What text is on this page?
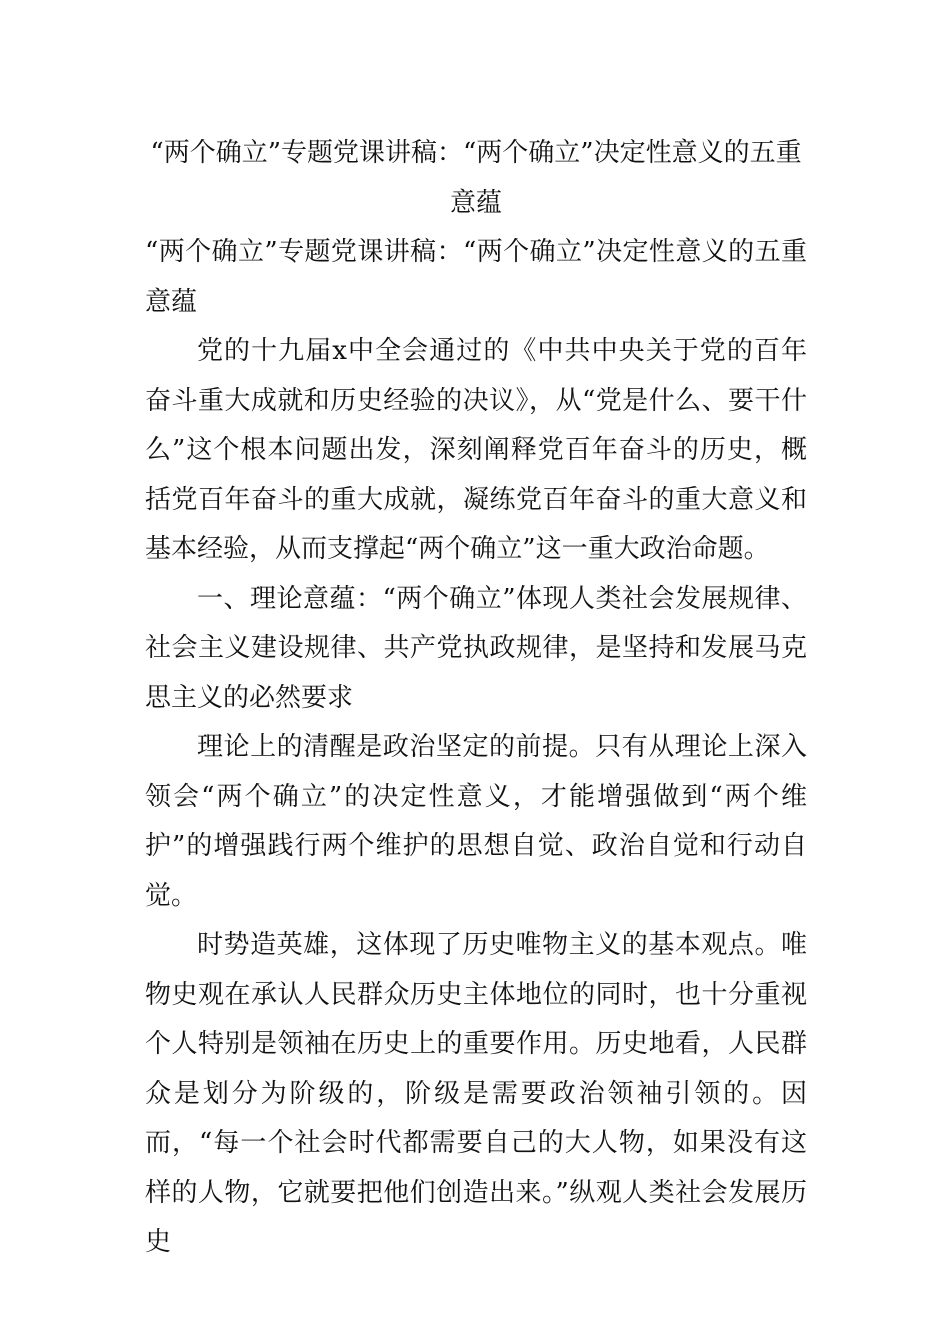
“两个确立”专题党课讲稿：“两个确立”决定性意义的五重意蕴

“两个确立”专题党课讲稿：“两个确立”决定性意义的五重意蕴

党的十九届x中全会通过的《中共中央关于党的百年奋斗重大成就和历史经验的决议》，从“党是什么、要干什么”这个根本问题出发，深刻阐释党百年奋斗的历史，概括党百年奋斗的重大成就，凝练党百年奋斗的重大意义和基本经验，从而支撑起“两个确立”这一重大政治命题。

一、理论意蕴：“两个确立”体现人类社会发展规律、社会主义建设规律、共产党执政规律，是坚持和发展马克思主义的必然要求

理论上的清醒是政治坚定的前提。只有从理论上深入领会“两个确立”的决定性意义，才能增强做到“两个维护”的增强践行两个维护的思想自觉、政治自觉和行动自觉。

时势造英雄，这体现了历史唯物主义的基本观点。唯物史观在承认人民群众历史主体地位的同时，也十分重视个人特别是领袖在历史上的重要作用。历史地看，人民群众是划分为阶级的，阶级是需要政治领袖引领的。因而，“每一个社会时代都需要自己的大人物，如果没有这样的人物，它就要把他们创造出来。”纵观人类社会发展历史
